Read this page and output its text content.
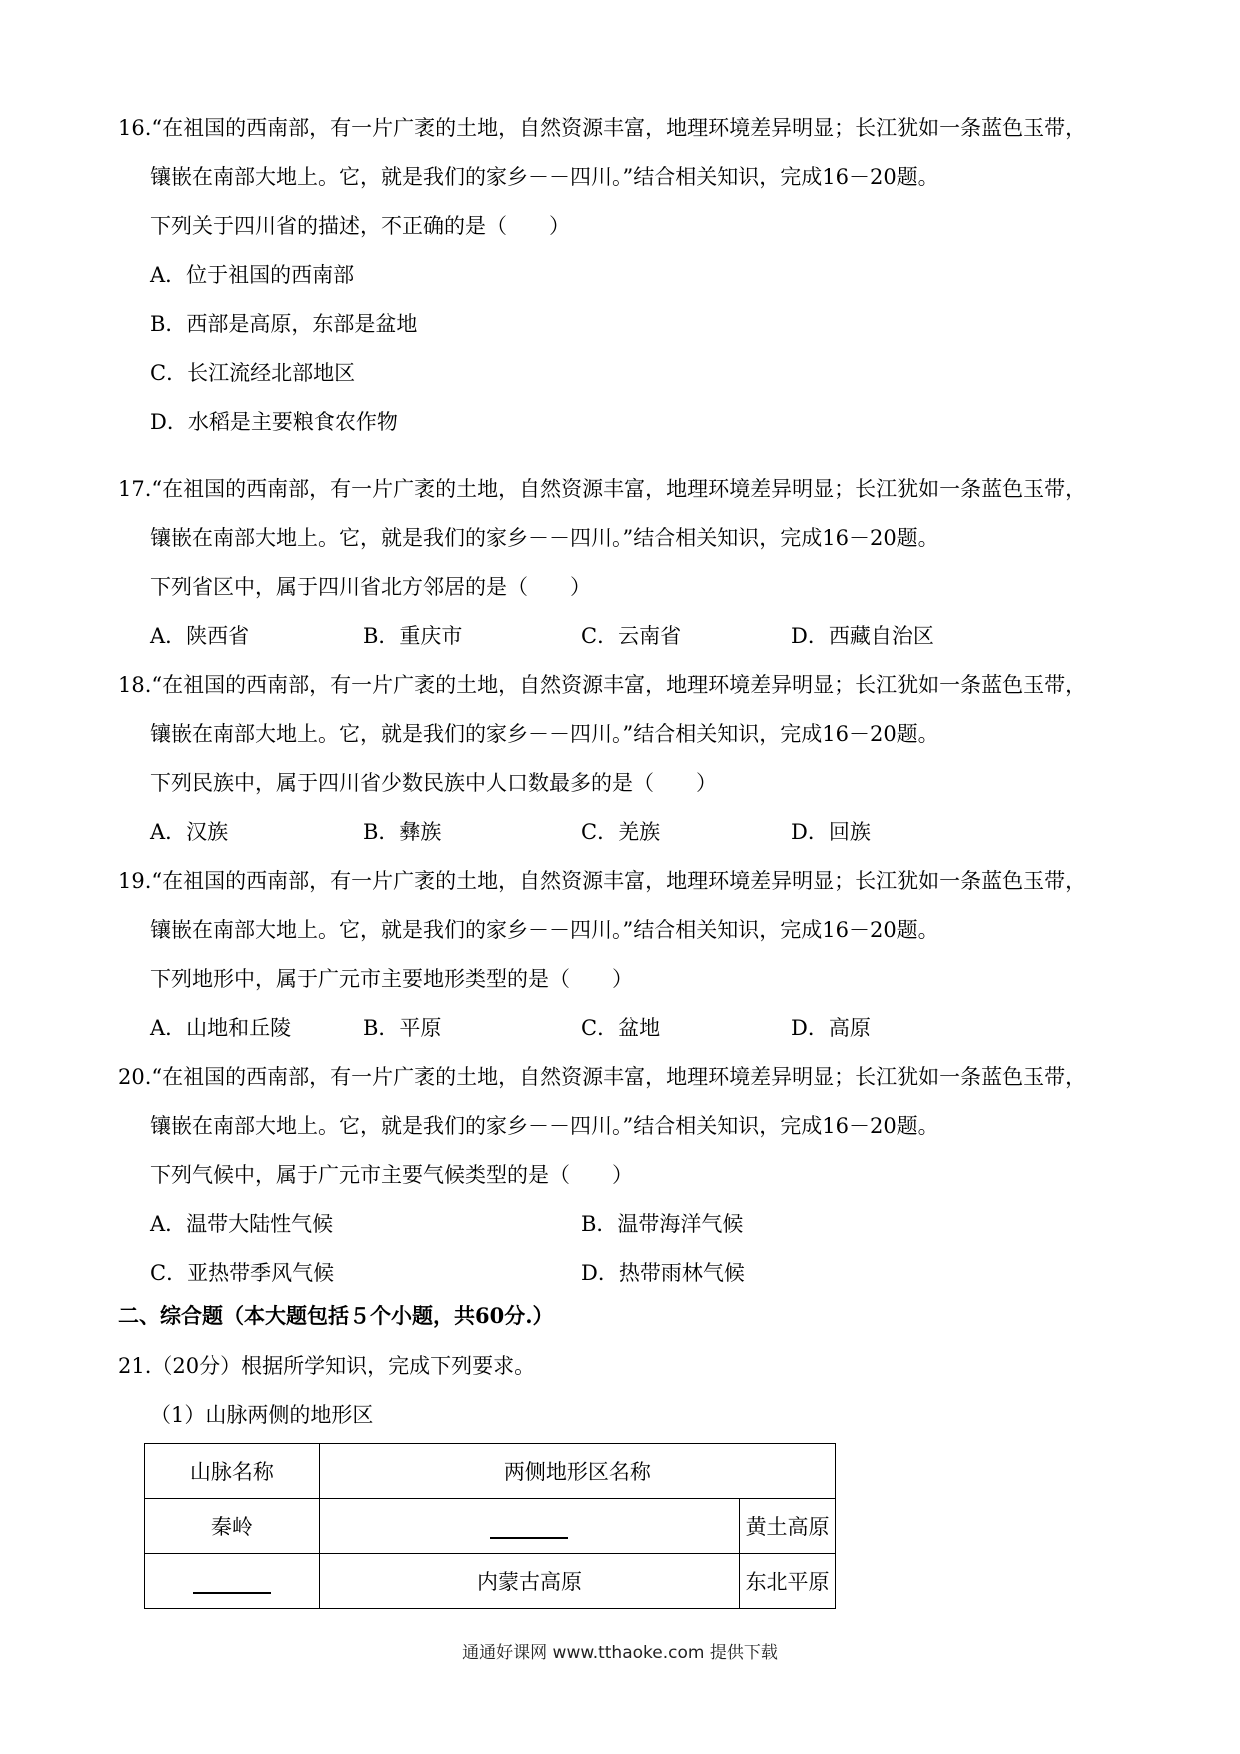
16.“在祖国的西南部，有一片广袤的土地，自然资源丰富，地理环境差异明显；长江犹如一条蓝色玉带，
镶嵌在南部大地上。它，就是我们的家乡－－四川。”结合相关知识，完成16－20题。
下列关于四川省的描述，不正确的是（　　）
A．位于祖国的西南部
B．西部是高原，东部是盆地
C．长江流经北部地区
D．水稻是主要粮食农作物
17.“在祖国的西南部，有一片广袤的土地，自然资源丰富，地理环境差异明显；长江犹如一条蓝色玉带，
镶嵌在南部大地上。它，就是我们的家乡－－四川。”结合相关知识，完成16－20题。
下列省区中，属于四川省北方邻居的是（　　）
A．陕西省	B．重庆市	C．云南省	D．西藏自治区
18.“在祖国的西南部，有一片广袤的土地，自然资源丰富，地理环境差异明显；长江犹如一条蓝色玉带，
镶嵌在南部大地上。它，就是我们的家乡－－四川。”结合相关知识，完成16－20题。
下列民族中，属于四川省少数民族中人口数最多的是（　　）
A．汉族	B．彝族	C．羌族	D．回族
19.“在祖国的西南部，有一片广袤的土地，自然资源丰富，地理环境差异明显；长江犹如一条蓝色玉带，
镶嵌在南部大地上。它，就是我们的家乡－－四川。”结合相关知识，完成16－20题。
下列地形中，属于广元市主要地形类型的是（　　）
A．山地和丘陵	B．平原	C．盆地	D．高原
20.“在祖国的西南部，有一片广袤的土地，自然资源丰富，地理环境差异明显；长江犹如一条蓝色玉带，
镶嵌在南部大地上。它，就是我们的家乡－－四川。”结合相关知识，完成16－20题。
下列气候中，属于广元市主要气候类型的是（　　）
A．温带大陆性气候	B．温带海洋气候
C．亚热带季风气候	D．热带雨林气候
二、综合题（本大题包括５个小题，共60分.）
21.（20分）根据所学知识，完成下列要求。
（1）山脉两侧的地形区
山脉名称	两侧地形区名称	
秦岭		黄土高原
	内蒙古高原	东北平原
通通好课网 www.tthaoke.com 提供下载
